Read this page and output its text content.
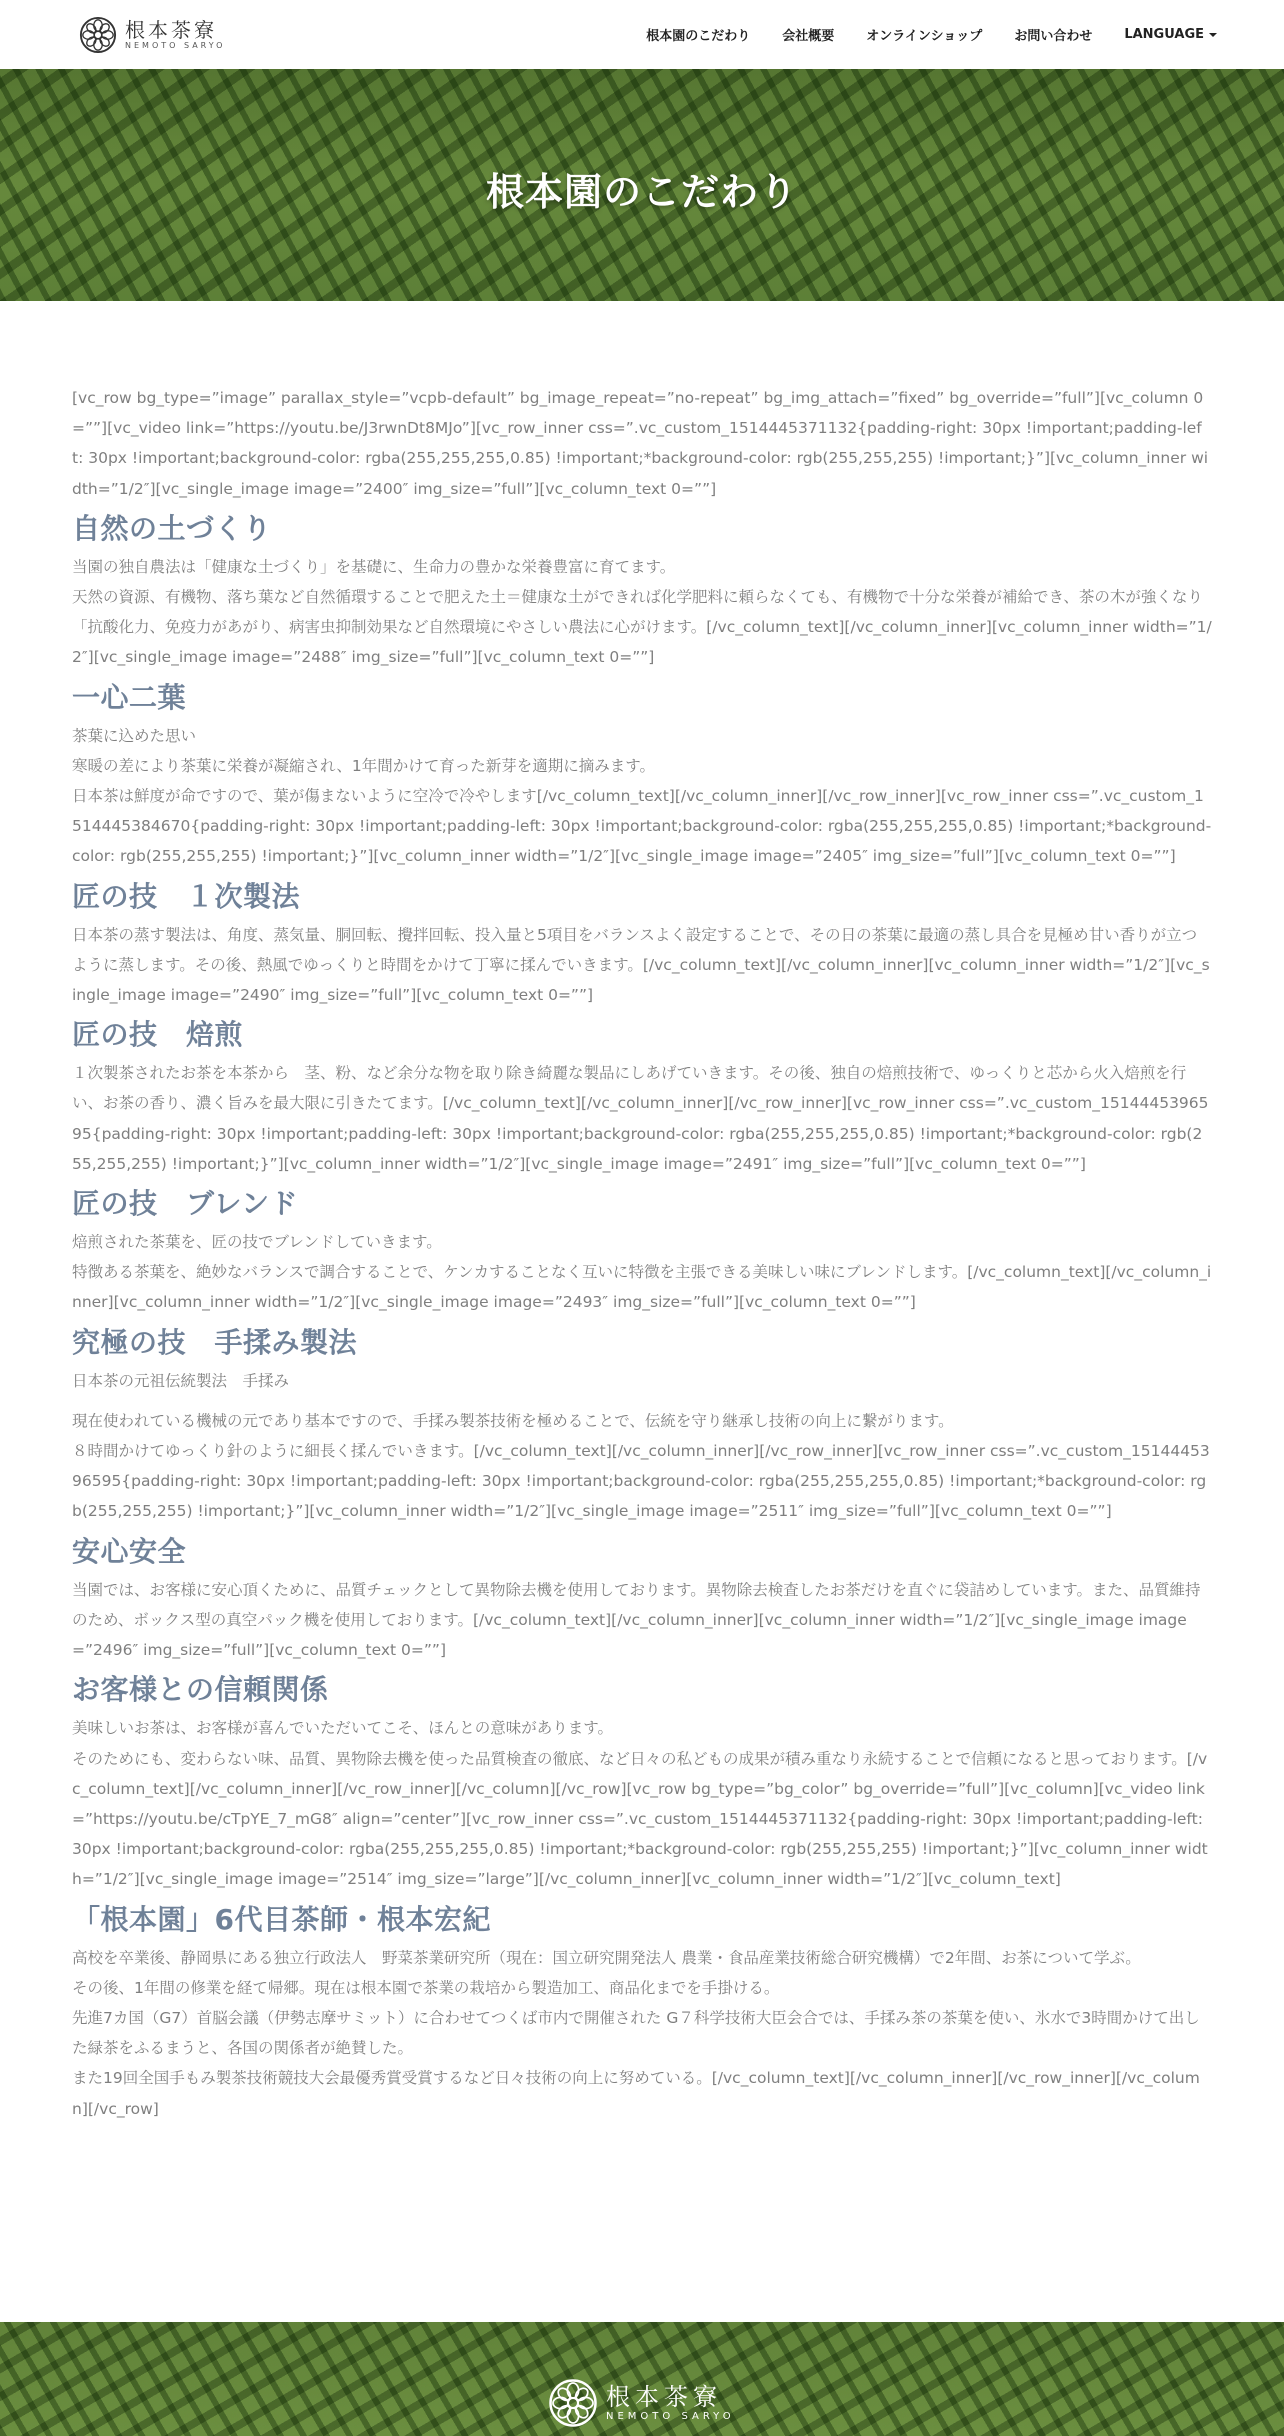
根本茶寮
NEMOTO SARYO
根本園のこだわり 会社概要 オンラインショップ お問い合わせ LANGUAGE
根本園のこだわり

[vc_row bg_type=”image” parallax_style=”vcpb-default” bg_image_repeat=”no-repeat” bg_img_attach=”fixed” bg_override=”full”][vc_column 0=””][vc_video link=”https://youtu.be/J3rwnDt8MJo”][vc_row_inner css=”.vc_custom_1514445371132{padding-right: 30px !important;padding-left: 30px !important;background-color: rgba(255,255,255,0.85) !important;*background-color: rgb(255,255,255) !important;}”][vc_column_inner width=”1/2″][vc_single_image image=”2400″ img_size=”full”][vc_column_text 0=””]

自然の土づくり

当園の独自農法は「健康な土づくり」を基礎に、生命力の豊かな栄養豊富に育てます。

天然の資源、有機物、落ち葉など自然循環することで肥えた土＝健康な土ができれば化学肥料に頼らなくても、有機物で十分な栄養が補給でき、茶の木が強くなり「抗酸化力、免疫力があがり、病害虫抑制効果など自然環境にやさしい農法に心がけます。[/vc_column_text][/vc_column_inner][vc_column_inner width=”1/2″][vc_single_image image=”2488″ img_size=”full”][vc_column_text 0=””]

一心二葉

茶葉に込めた思い

寒暖の差により茶葉に栄養が凝縮され、1年間かけて育った新芽を適期に摘みます。

日本茶は鮮度が命ですので、葉が傷まないように空冷で冷やします[/vc_column_text][/vc_column_inner][/vc_row_inner][vc_row_inner css=”.vc_custom_1514445384670{padding-right: 30px !important;padding-left: 30px !important;background-color: rgba(255,255,255,0.85) !important;*background-color: rgb(255,255,255) !important;}”][vc_column_inner width=”1/2″][vc_single_image image=”2405″ img_size=”full”][vc_column_text 0=””]

匠の技　１次製法

日本茶の蒸す製法は、角度、蒸気量、胴回転、攪拌回転、投入量と5項目をバランスよく設定することで、その日の茶葉に最適の蒸し具合を見極め甘い香りが立つように蒸します。その後、熱風でゆっくりと時間をかけて丁寧に揉んでいきます。[/vc_column_text][/vc_column_inner][vc_column_inner width=”1/2″][vc_single_image image=”2490″ img_size=”full”][vc_column_text 0=””]

匠の技　焙煎

１次製茶されたお茶を本茶から　茎、粉、など余分な物を取り除き綺麗な製品にしあげていきます。その後、独自の焙煎技術で、ゆっくりと芯から火入焙煎を行い、お茶の香り、濃く旨みを最大限に引きたてます。[/vc_column_text][/vc_column_inner][/vc_row_inner][vc_row_inner css=”.vc_custom_1514445396595{padding-right: 30px !important;padding-left: 30px !important;background-color: rgba(255,255,255,0.85) !important;*background-color: rgb(255,255,255) !important;}”][vc_column_inner width=”1/2″][vc_single_image image=”2491″ img_size=”full”][vc_column_text 0=””]

匠の技　ブレンド

焙煎された茶葉を、匠の技でブレンドしていきます。

特徴ある茶葉を、絶妙なバランスで調合することで、ケンカすることなく互いに特徴を主張できる美味しい味にブレンドします。[/vc_column_text][/vc_column_inner][vc_column_inner width=”1/2″][vc_single_image image=”2493″ img_size=”full”][vc_column_text 0=””]

究極の技　手揉み製法

日本茶の元祖伝統製法　手揉み

現在使われている機械の元であり基本ですので、手揉み製茶技術を極めることで、伝統を守り継承し技術の向上に繋がります。

８時間かけてゆっくり針のように細長く揉んでいきます。[/vc_column_text][/vc_column_inner][/vc_row_inner][vc_row_inner css=”.vc_custom_1514445396595{padding-right: 30px !important;padding-left: 30px !important;background-color: rgba(255,255,255,0.85) !important;*background-color: rgb(255,255,255) !important;}”][vc_column_inner width=”1/2″][vc_single_image image=”2511″ img_size=”full”][vc_column_text 0=””]

安心安全

当園では、お客様に安心頂くために、品質チェックとして異物除去機を使用しております。異物除去検査したお茶だけを直ぐに袋詰めしています。また、品質維持のため、ボックス型の真空パック機を使用しております。[/vc_column_text][/vc_column_inner][vc_column_inner width=”1/2″][vc_single_image image=”2496″ img_size=”full”][vc_column_text 0=””]

お客様との信頼関係

美味しいお茶は、お客様が喜んでいただいてこそ、ほんとの意味があります。

そのためにも、変わらない味、品質、異物除去機を使った品質検査の徹底、など日々の私どもの成果が積み重なり永続することで信頼になると思っております。[/vc_column_text][/vc_column_inner][/vc_row_inner][/vc_column][/vc_row][vc_row bg_type=”bg_color” bg_override=”full”][vc_column][vc_video link=”https://youtu.be/cTpYE_7_mG8″ align=”center”][vc_row_inner css=”.vc_custom_1514445371132{padding-right: 30px !important;padding-left: 30px !important;background-color: rgba(255,255,255,0.85) !important;*background-color: rgb(255,255,255) !important;}”][vc_column_inner width=”1/2″][vc_single_image image=”2514″ img_size=”large”][/vc_column_inner][vc_column_inner width=”1/2″][vc_column_text]

「根本園」6代目茶師・根本宏紀

高校を卒業後、静岡県にある独立行政法人　野菜茶業研究所（現在：国立研究開発法人 農業・食品産業技術総合研究機構）で2年間、お茶について学ぶ。

その後、1年間の修業を経て帰郷。現在は根本園で茶業の栽培から製造加工、商品化までを手掛ける。

先進7カ国（G7）首脳会議（伊勢志摩サミット）に合わせてつくば市内で開催された G７科学技術大臣会合では、手揉み茶の茶葉を使い、氷水で3時間かけて出した緑茶をふるまうと、各国の関係者が絶賛した。

また19回全国手もみ製茶技術競技大会最優秀賞受賞するなど日々技術の向上に努めている。[/vc_column_text][/vc_column_inner][/vc_row_inner][/vc_column][/vc_row]

根本茶寮
NEMOTO SARYO
